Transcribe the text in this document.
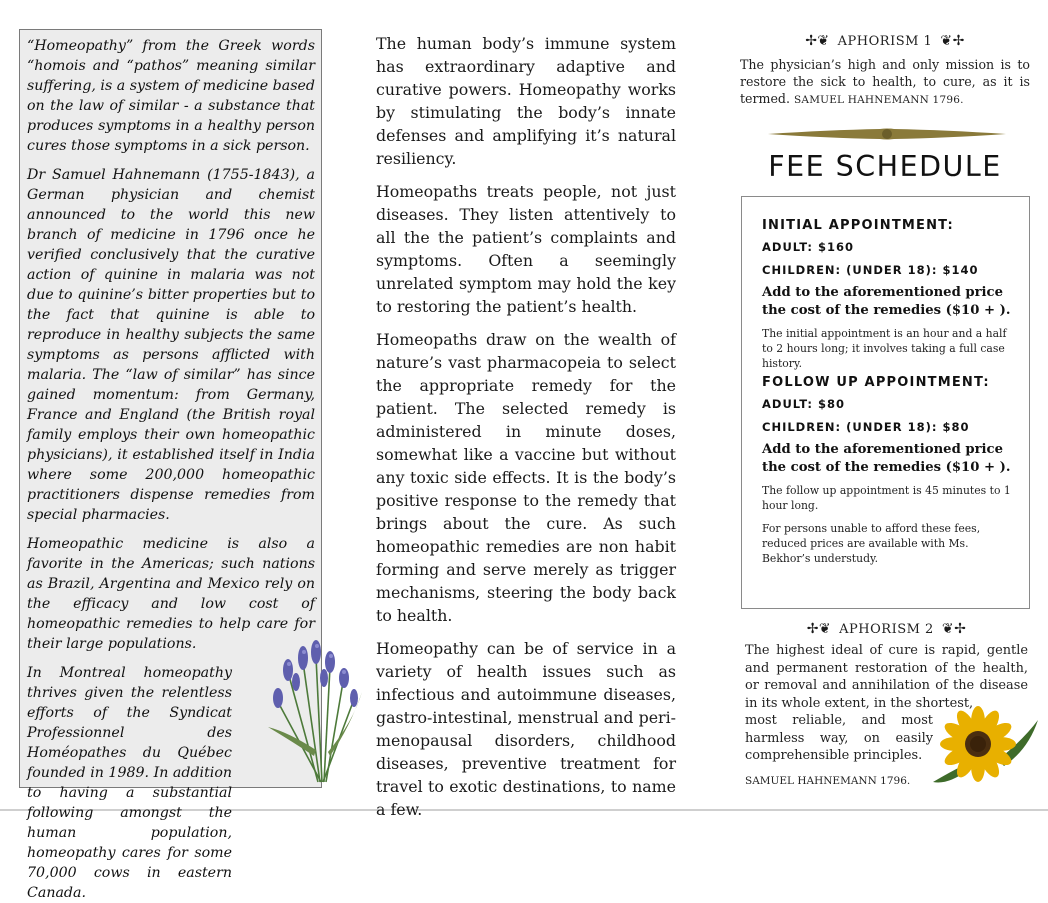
“Homeopathy” from the Greek words “homois and “pathos” meaning similar suffering, is a system of medicine based on the law of similar - a substance that produces symptoms in a healthy person cures those symptoms in a sick person.

Dr Samuel Hahnemann (1755-1843), a German physician and chemist announced to the world this new branch of medicine in 1796 once he verified conclusively that the curative action of quinine in malaria was not due to quinine’s bitter properties but to the fact that quinine is able to reproduce in healthy subjects the same symptoms as persons afflicted with malaria. The “law of similar” has since gained momentum: from Germany, France and England (the British royal family employs their own homeopathic physicians), it established itself in India where some 200,000 homeopathic practitioners dispense remedies from special pharmacies.

Homeopathic medicine is also a favorite in the Americas; such nations as Brazil, Argentina and Mexico rely on the efficacy and low cost of homeopathic remedies to help care for their large populations.

In Montreal homeopathy thrives given the relentless efforts of the Syndicat Professionnel des Homéopathes du Québec founded in 1989. In addition to having a substantial following amongst the human population, homeopathy cares for some 70,000 cows in eastern Canada.

The human body’s immune system has extraordinary adaptive and curative powers. Homeopathy works by stimulating the body’s innate defenses and amplifying it’s natural resiliency.

Homeopaths treats people, not just diseases. They listen attentively to all the the patient’s complaints and symptoms. Often a seemingly unrelated symptom may hold the key to restoring the patient’s health.

Homeopaths draw on the wealth of nature’s vast pharmacopeia to select the appropriate remedy for the patient. The selected remedy is administered in minute doses, somewhat like a vaccine but without any toxic side effects. It is the body’s positive response to the remedy that brings about the cure. As such homeopathic remedies are non habit forming and serve merely as trigger mechanisms, steering the body back to health.

Homeopathy can be of service in a variety of health issues such as infectious and autoimmune diseases, gastro-intestinal, menstrual and peri-menopausal disorders, childhood diseases, preventive treatment for travel to exotic destinations, to name a few.

✢❦ APHORISM 1 ❦✢

The physician’s high and only mission is to restore the sick to health, to cure, as it is termed. SAMUEL HAHNEMANN 1796.

FEE SCHEDULE

INITIAL APPOINTMENT:

ADULT: $160

CHILDREN: (UNDER 18): $140

Add to the aforementioned price the cost of the remedies ($10 + ).

The initial appointment is an hour and a half to 2 hours long; it involves taking a full case history.

FOLLOW UP APPOINTMENT:

ADULT: $80

CHILDREN: (UNDER 18): $80

Add to the aforementioned price the cost of the remedies ($10 + ).

The follow up appointment is 45 minutes to 1 hour long.

For persons unable to afford these fees, reduced prices are available with Ms. Bekhor’s understudy.

✢❦ APHORISM 2 ❦✢

The highest ideal of cure is rapid, gentle and permanent restoration of the health, or removal and annihilation of the disease in its whole extent, in the shortest,

most reliable, and most harmless way, on easily comprehensible principles.

SAMUEL HAHNEMANN 1796.
